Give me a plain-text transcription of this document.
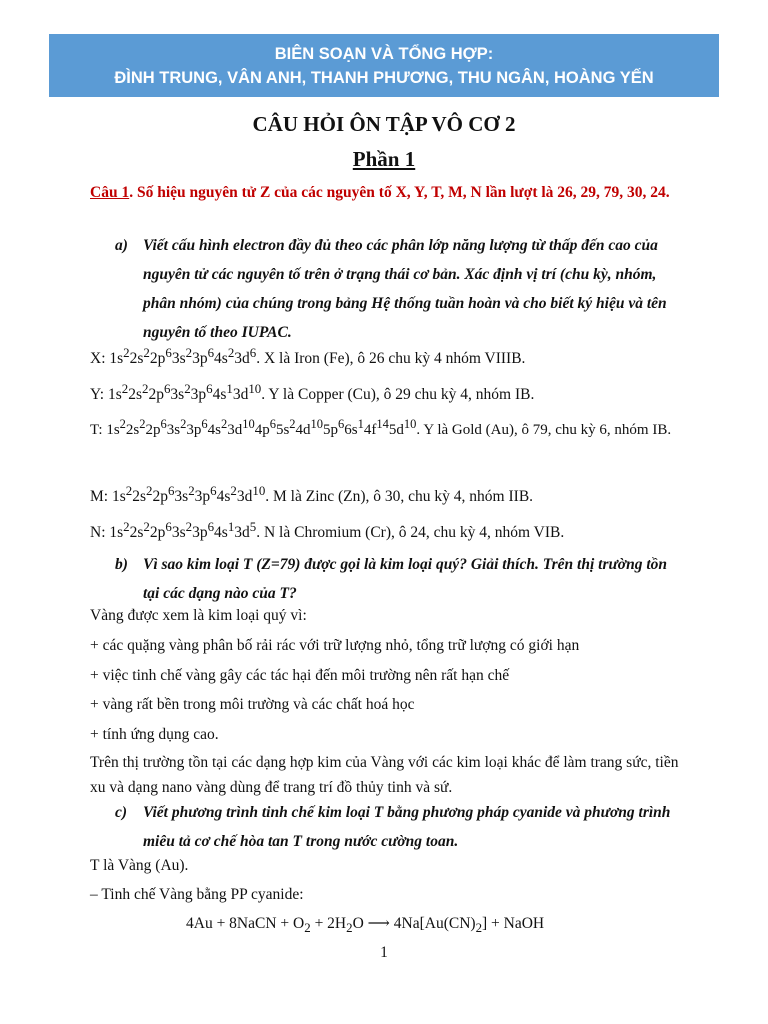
BIÊN SOẠN VÀ TỔNG HỢP:
ĐÌNH TRUNG, VÂN ANH, THANH PHƯƠNG, THU NGÂN, HOÀNG YẾN

CÂU HỎI ÔN TẬP VÔ CƠ 2

Phần 1

Câu 1. Số hiệu nguyên tử Z của các nguyên tố X, Y, T, M, N lần lượt là 26, 29, 79, 30, 24.

a) Viết cấu hình electron đầy đủ theo các phân lớp năng lượng từ thấp đến cao của nguyên tử các nguyên tố trên ở trạng thái cơ bản. Xác định vị trí (chu kỳ, nhóm, phân nhóm) của chúng trong bảng Hệ thống tuần hoàn và cho biết ký hiệu và tên nguyên tố theo IUPAC.

X: $1s^22s^22p^63s^23p^64s^23d^6$. X là Iron (Fe), ô 26 chu kỳ 4 nhóm VIIIB.

Y: $1s^22s^22p^63s^23p^64s^13d^{10}$. Y là Copper (Cu), ô 29 chu kỳ 4, nhóm IB.

T: $1s^22s^22p^63s^23p^64s^23d^{10}4p^65s^24d^{10}5p^66s^14f^{14}5d^{10}$. Y là Gold (Au), ô 79, chu kỳ 6, nhóm IB.

M: $1s^22s^22p^63s^23p^64s^23d^{10}$. M là Zinc (Zn), ô 30, chu kỳ 4, nhóm IIB.

N: $1s^22s^22p^63s^23p^64s^13d^5$. N là Chromium (Cr), ô 24, chu kỳ 4, nhóm VIB.

b) Vì sao kim loại T (Z=79) được gọi là kim loại quý? Giải thích. Trên thị trường tồn tại các dạng nào của T?

Vàng được xem là kim loại quý vì:

+ các quặng vàng phân bố rải rác với trữ lượng nhỏ, tổng trữ lượng có giới hạn

+ việc tinh chế vàng gây các tác hại đến môi trường nên rất hạn chế

+ vàng rất bền trong môi trường và các chất hoá học

+ tính ứng dụng cao.

Trên thị trường tồn tại các dạng hợp kim của Vàng với các kim loại khác để làm trang sức, tiền xu và dạng nano vàng dùng để trang trí đồ thủy tinh và sứ.

c)	Viết phương trình tinh chế kim loại T bằng phương pháp cyanide và phương trình miêu tả cơ chế hòa tan T trong nước cường toan.

T là Vàng (Au).

– Tinh chế Vàng bằng PP cyanide:

4Au + 8NaCN + $O_2 + 2H_2O$ ⟶ $4Na[Au(CN)_2]$ + NaOH

1
